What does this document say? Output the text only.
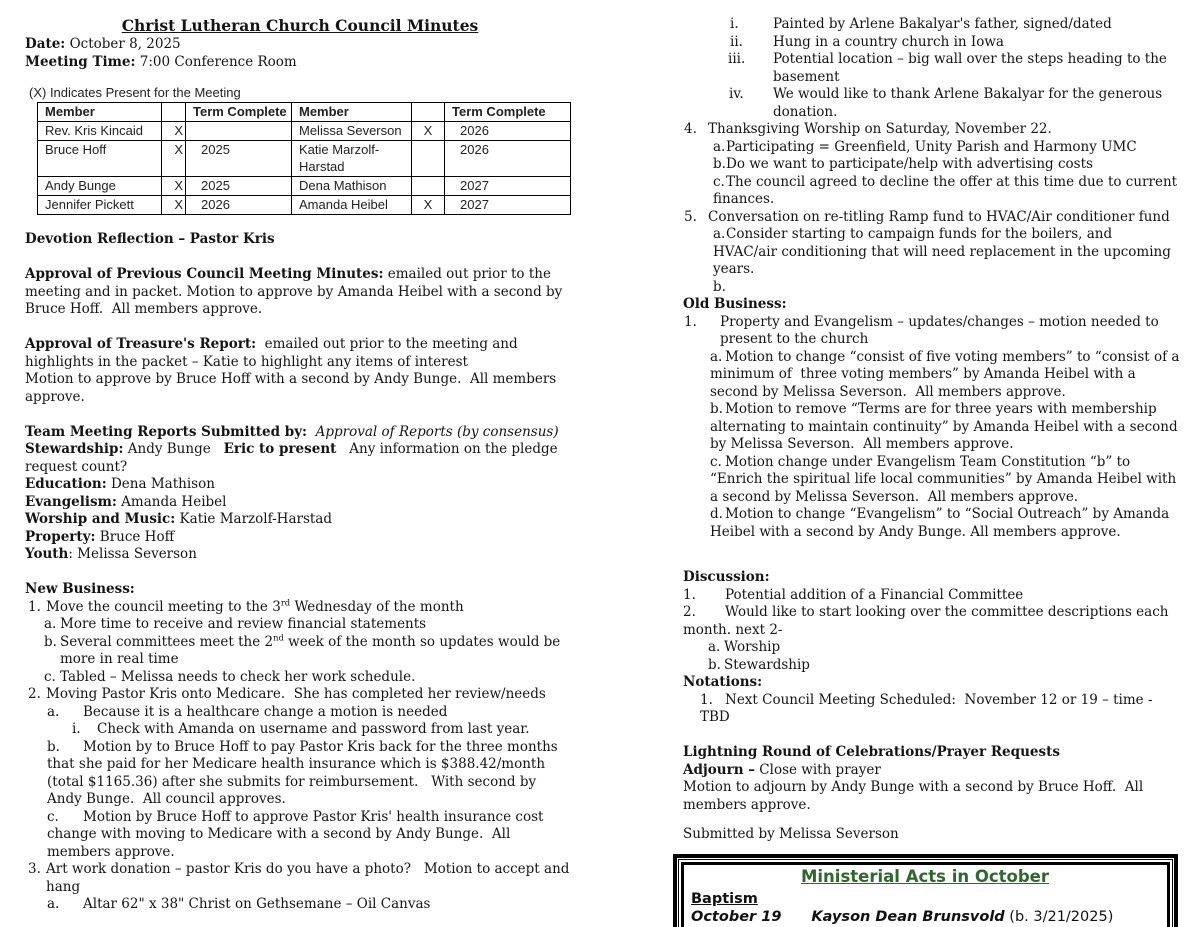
Christ Lutheran Church Council Minutes
Date: October 8, 2025
Meeting Time: 7:00 Conference Room
(X) Indicates Present for the Meeting
Member		Term Complete	Member		Term Complete
Rev. Kris Kincaid	X		Melissa Severson	X	2026
Bruce Hoff	X	2025	Katie Marzolf-Harstad		2026
Andy Bunge	X	2025	Dena Mathison		2027
Jennifer Pickett	X	2026	Amanda Heibel	X	2027
Devotion Reflection – Pastor Kris
Approval of Previous Council Meeting Minutes: emailed out prior to the meeting and in packet. Motion to approve by Amanda Heibel with a second by Bruce Hoff.  All members approve.
Approval of Treasure's Report:  emailed out prior to the meeting and highlights in the packet – Katie to highlight any items of interest
Motion to approve by Bruce Hoff with a second by Andy Bunge.  All members approve.
Team Meeting Reports Submitted by: Approval of Reports (by consensus)
Stewardship: Andy Bunge   Eric to present   Any information on the pledge request count?
Education: Dena Mathison
Evangelism: Amanda Heibel
Worship and Music: Katie Marzolf-Harstad
Property: Bruce Hoff
Youth: Melissa Severson
New Business:
1. Move the council meeting to the 3rd Wednesday of the month
a. More time to receive and review financial statements
b. Several committees meet the 2nd week of the month so updates would be more in real time
c. Tabled – Melissa needs to check her work schedule.
2. Moving Pastor Kris onto Medicare.  She has completed her review/needs
a. Because it is a healthcare change a motion is needed
i. Check with Amanda on username and password from last year.
b. Motion by to Bruce Hoff to pay Pastor Kris back for the three months that she paid for her Medicare health insurance which is $388.42/month (total $1165.36) after she submits for reimbursement.   With second by Andy Bunge.  All council approves.
c. Motion by Bruce Hoff to approve Pastor Kris' health insurance cost change with moving to Medicare with a second by Andy Bunge.  All members approve.
3. Art work donation – pastor Kris do you have a photo?   Motion to accept and hang
a. Altar 62" x 38" Christ on Gethsemane – Oil Canvas
i.	Painted by Arlene Bakalyar's father, signed/dated
ii. Hung in a country church in Iowa
iii. Potential location – big wall over the steps heading to the basement
iv. We would like to thank Arlene Bakalyar for the generous donation.
4. Thanksgiving Worship on Saturday, November 22.
a.Participating = Greenfield, Unity Parish and Harmony UMC
b.Do we want to participate/help with advertising costs
c.The council agreed to decline the offer at this time due to current finances.
5. Conversation on re-titling Ramp fund to HVAC/Air conditioner fund
a.Consider starting to campaign funds for the boilers, and HVAC/air conditioning that will need replacement in the upcoming years.
b.
Old Business:
1. Property and Evangelism – updates/changes – motion needed to present to the church
a. Motion to change “consist of five voting members” to “consist of a minimum of  three voting members” by Amanda Heibel with a second by Melissa Severson.  All members approve.
b. Motion to remove “Terms are for three years with membership alternating to maintain continuity” by Amanda Heibel with a second by Melissa Severson.  All members approve.
c. Motion change under Evangelism Team Constitution “b” to “Enrich the spiritual life local communities” by Amanda Heibel with a second by Melissa Severson.  All members approve.
d. Motion to change “Evangelism” to “Social Outreach” by Amanda Heibel with a second by Andy Bunge. All members approve.
Discussion:
1. Potential addition of a Financial Committee
2. Would like to start looking over the committee descriptions each month. next 2-
a. Worship
b. Stewardship
Notations:
1. Next Council Meeting Scheduled:  November 12 or 19 – time - TBD
Lightning Round of Celebrations/Prayer Requests
Adjourn – Close with prayer
Motion to adjourn by Andy Bunge with a second by Bruce Hoff.  All members approve.
Submitted by Melissa Severson
Ministerial Acts in October
Baptism
October 19 Kayson Dean Brunsvold (b. 3/21/2025)
